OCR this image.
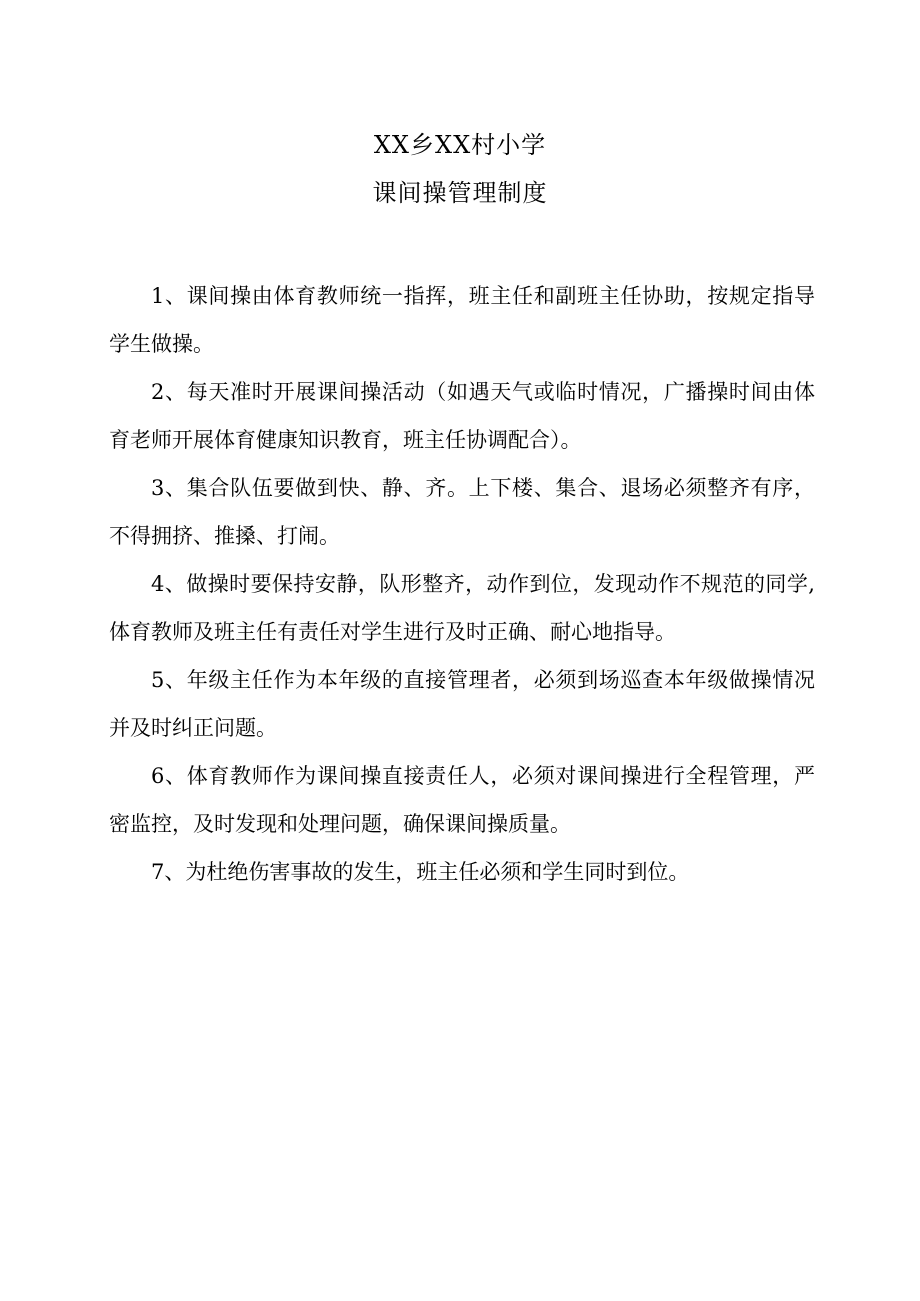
XX乡XX村小学
课间操管理制度

1、课间操由体育教师统一指挥，班主任和副班主任协助，按规定指导学生做操。

2、每天准时开展课间操活动（如遇天气或临时情况，广播操时间由体育老师开展体育健康知识教育，班主任协调配合）。

3、集合队伍要做到快、静、齐。上下楼、集合、退场必须整齐有序，不得拥挤、推搡、打闹。

4、做操时要保持安静，队形整齐，动作到位，发现动作不规范的同学,体育教师及班主任有责任对学生进行及时正确、耐心地指导。

5、年级主任作为本年级的直接管理者，必须到场巡查本年级做操情况并及时纠正问题。

6、体育教师作为课间操直接责任人，必须对课间操进行全程管理，严密监控，及时发现和处理问题，确保课间操质量。

7、为杜绝伤害事故的发生，班主任必须和学生同时到位。
